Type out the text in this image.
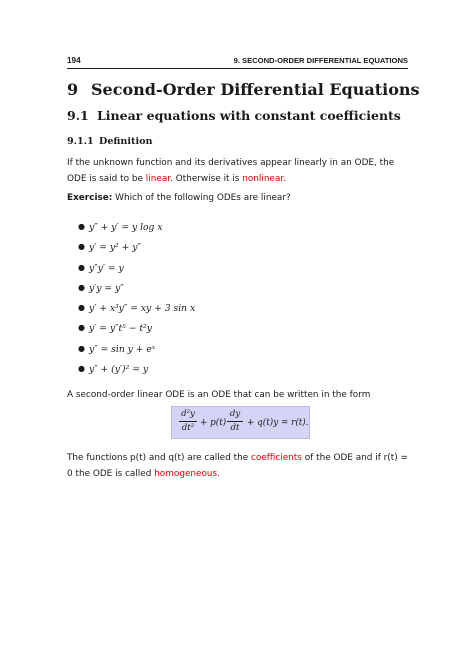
194	9. SECOND-ORDER DIFFERENTIAL EQUATIONS
9 Second-Order Differential Equations
9.1 Linear equations with constant coefficients
9.1.1 Definition

If the unknown function and its derivatives appear linearly in an ODE, the ODE is said to be linear. Otherwise it is nonlinear.

Exercise: Which of the following ODEs are linear?

● y″ + y′ = y log x
● y′ = y² + y″
● y″y′ = y
● y′y = y″
● y′ + x³y″ = xy + 3 sin x
● y′ = y″t⁵ − t²y
● y″ = sin y + eˣ
● y″ + (y′)² = y

A second-order linear ODE is an ODE that can be written in the form

d²y
dt² + p(t)
dy
dt + q(t)y = r(t).

The functions p(t) and q(t) are called the coefficients of the ODE and if r(t) = 0 the ODE is called homogeneous.
